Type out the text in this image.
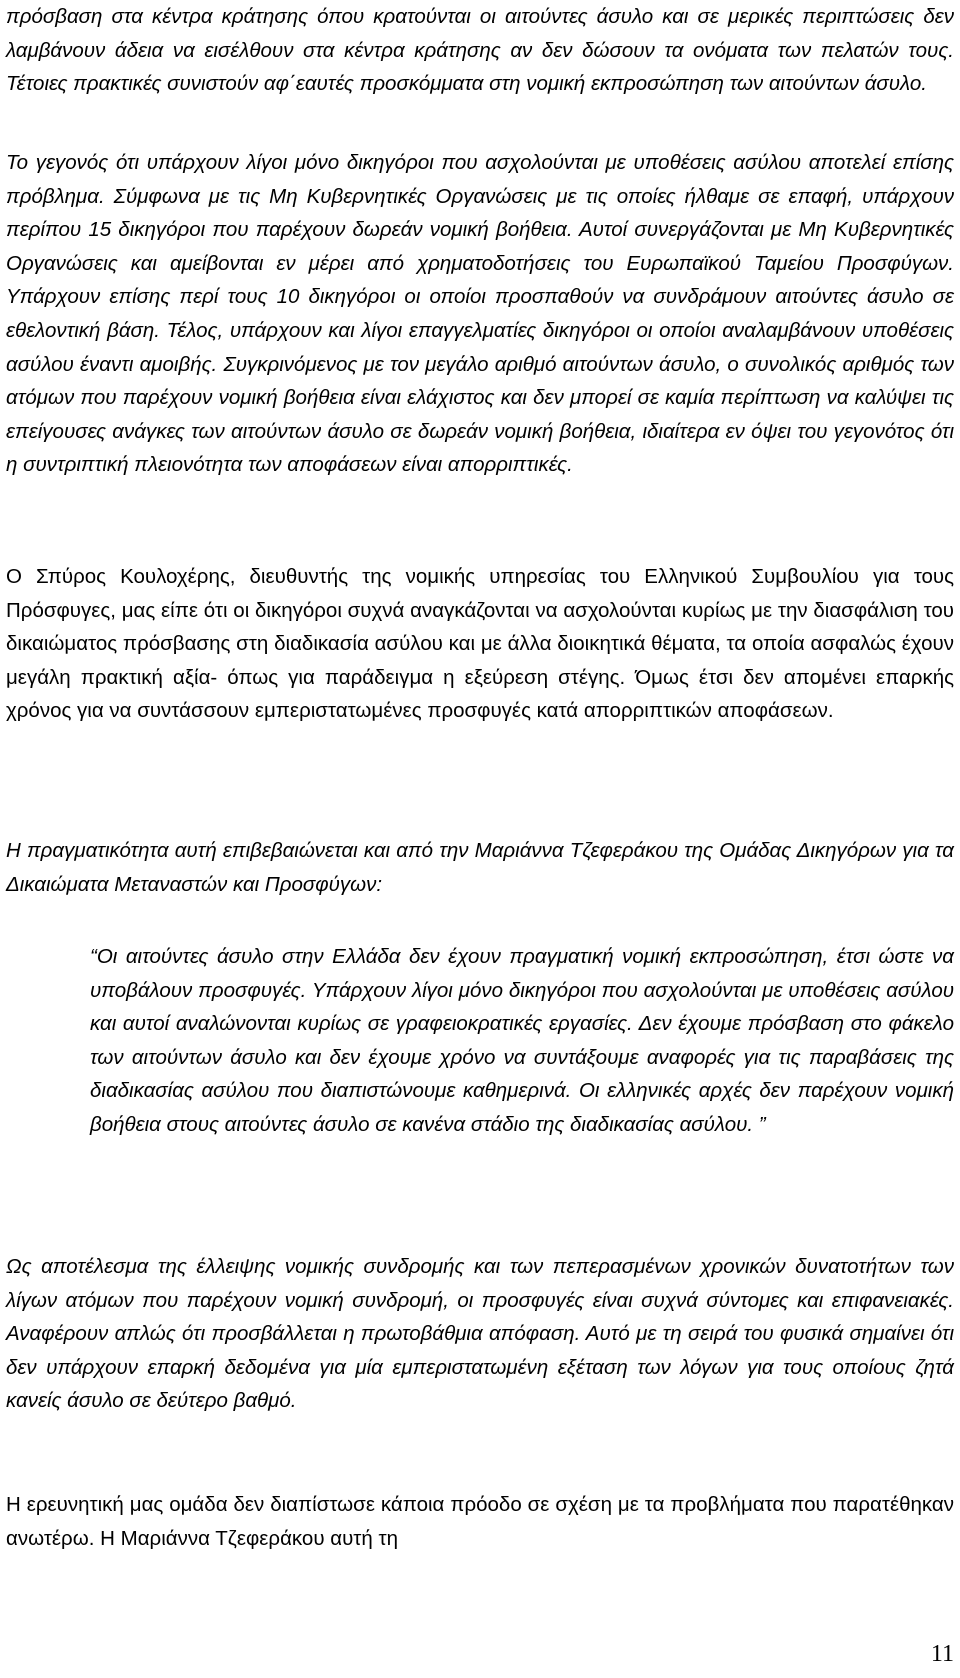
πρόσβαση στα κέντρα κράτησης όπου κρατούνται οι αιτούντες άσυλο και σε μερικές περιπτώσεις δεν λαμβάνουν άδεια να εισέλθουν στα κέντρα κράτησης αν δεν δώσουν τα ονόματα των πελατών τους. Τέτοιες πρακτικές συνιστούν αφ΄εαυτές προσκόμματα στη νομική εκπροσώπηση των αιτούντων άσυλο.

Το γεγονός ότι υπάρχουν λίγοι μόνο δικηγόροι που ασχολούνται με υποθέσεις ασύλου αποτελεί επίσης πρόβλημα. Σύμφωνα με τις Μη Κυβερνητικές Οργανώσεις με τις οποίες ήλθαμε σε επαφή, υπάρχουν περίπου 15 δικηγόροι που παρέχουν δωρεάν νομική βοήθεια. Αυτοί συνεργάζονται με Μη Κυβερνητικές Οργανώσεις και αμείβονται εν μέρει από χρηματοδοτήσεις του Ευρωπαϊκού Ταμείου Προσφύγων. Υπάρχουν επίσης περί τους 10 δικηγόροι οι οποίοι προσπαθούν να συνδράμουν αιτούντες άσυλο σε εθελοντική βάση. Τέλος, υπάρχουν και λίγοι επαγγελματίες δικηγόροι οι οποίοι αναλαμβάνουν υποθέσεις ασύλου έναντι αμοιβής. Συγκρινόμενος με τον μεγάλο αριθμό αιτούντων άσυλο, ο συνολικός αριθμός των ατόμων που παρέχουν νομική βοήθεια είναι ελάχιστος και δεν μπορεί σε καμία περίπτωση να καλύψει τις επείγουσες ανάγκες των αιτούντων άσυλο σε δωρεάν νομική βοήθεια, ιδιαίτερα εν όψει του γεγονότος ότι η συντριπτική πλειονότητα των αποφάσεων είναι απορριπτικές.

Ο Σπύρος Κουλοχέρης, διευθυντής της νομικής υπηρεσίας του Ελληνικού Συμβουλίου για τους Πρόσφυγες, μας είπε ότι οι δικηγόροι συχνά αναγκάζονται να ασχολούνται κυρίως με την διασφάλιση του δικαιώματος πρόσβασης στη διαδικασία ασύλου και με άλλα διοικητικά θέματα, τα οποία ασφαλώς έχουν μεγάλη πρακτική αξία- όπως για παράδειγμα η εξεύρεση στέγης. Όμως έτσι δεν απομένει επαρκής χρόνος για να συντάσσουν εμπεριστατωμένες προσφυγές κατά απορριπτικών αποφάσεων.

Η πραγματικότητα αυτή επιβεβαιώνεται και από την Μαριάννα Τζεφεράκου της Ομάδας Δικηγόρων για τα Δικαιώματα Μεταναστών και Προσφύγων:

“Οι αιτούντες άσυλο στην Ελλάδα δεν έχουν πραγματική νομική εκπροσώπηση, έτσι ώστε να υποβάλουν προσφυγές. Υπάρχουν λίγοι μόνο δικηγόροι που ασχολούνται με υποθέσεις ασύλου και αυτοί αναλώνονται κυρίως σε γραφειοκρατικές εργασίες. Δεν έχουμε πρόσβαση στο φάκελο των αιτούντων άσυλο και δεν έχουμε χρόνο να συντάξουμε αναφορές για τις παραβάσεις της διαδικασίας ασύλου που διαπιστώνουμε καθημερινά. Οι ελληνικές αρχές δεν παρέχουν νομική βοήθεια στους αιτούντες άσυλο σε κανένα στάδιο της διαδικασίας ασύλου. ”

Ως αποτέλεσμα της έλλειψης νομικής συνδρομής και των πεπερασμένων χρονικών δυνατοτήτων των λίγων ατόμων που παρέχουν νομική συνδρομή, οι προσφυγές είναι συχνά σύντομες και επιφανειακές. Αναφέρουν απλώς ότι προσβάλλεται η πρωτοβάθμια απόφαση. Αυτό με τη σειρά του φυσικά σημαίνει ότι δεν υπάρχουν επαρκή δεδομένα για μία εμπεριστατωμένη εξέταση των λόγων για τους οποίους ζητά κανείς άσυλο σε δεύτερο βαθμό.

Η ερευνητική μας ομάδα δεν διαπίστωσε κάποια πρόοδο σε σχέση με τα προβλήματα που παρατέθηκαν ανωτέρω. Η Μαριάννα Τζεφεράκου αυτή τη

11
